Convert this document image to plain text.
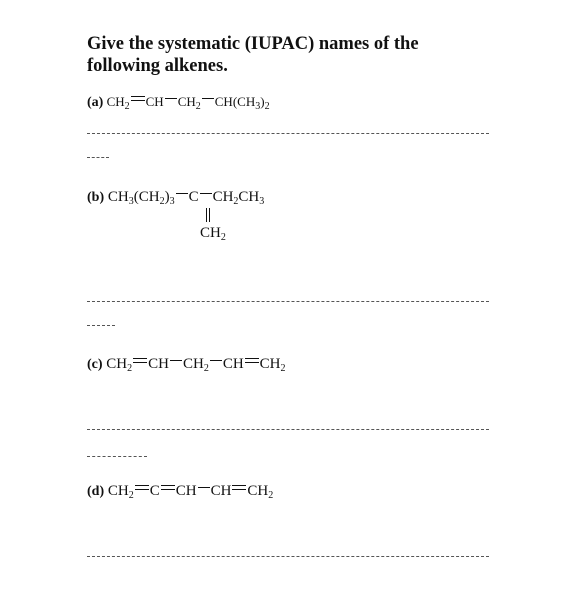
Give the systematic (IUPAC) names of the
following alkenes.
(a) $CH_2$ CH $CH_2$ $CH(CH_3)_2$
(b) $CH_3(CH_2)_3$ C $CH_2CH_3$
$CH_2$
(c) $CH_2$ CH $CH_2$ CH $CH_2$
(d) $CH_2$ C CH CH $CH_2$
